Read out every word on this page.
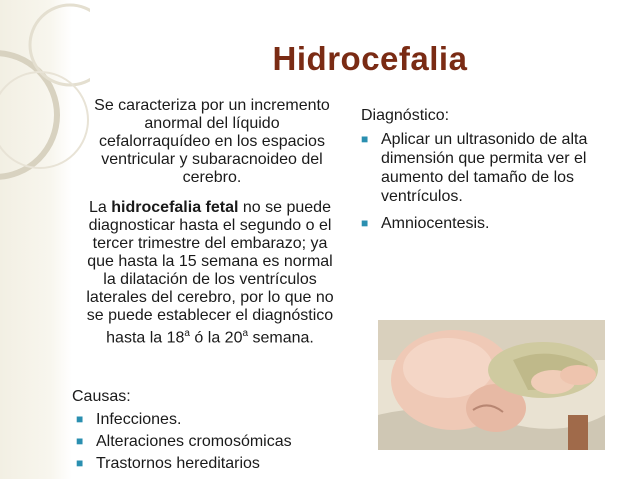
Hidrocefalia
Se caracteriza por un incremento anormal del líquido cefalorraquídeo en los espacios ventricular y subaracnoideo del cerebro.
La hidrocefalia fetal no se puede diagnosticar hasta el segundo o el tercer trimestre del embarazo; ya que hasta la 15 semana es normal la dilatación de los ventrículos laterales del cerebro, por lo que no se puede establecer el diagnóstico hasta la 18$^a$ ó la 20$^a$ semana.
Causas:
■ Infecciones.
■ Alteraciones cromosómicas
■ Trastornos hereditarios
Diagnóstico:
■ Aplicar un ultrasonido de alta dimensión que permita ver el aumento del tamaño de los ventrículos.
■ Amniocentesis.
